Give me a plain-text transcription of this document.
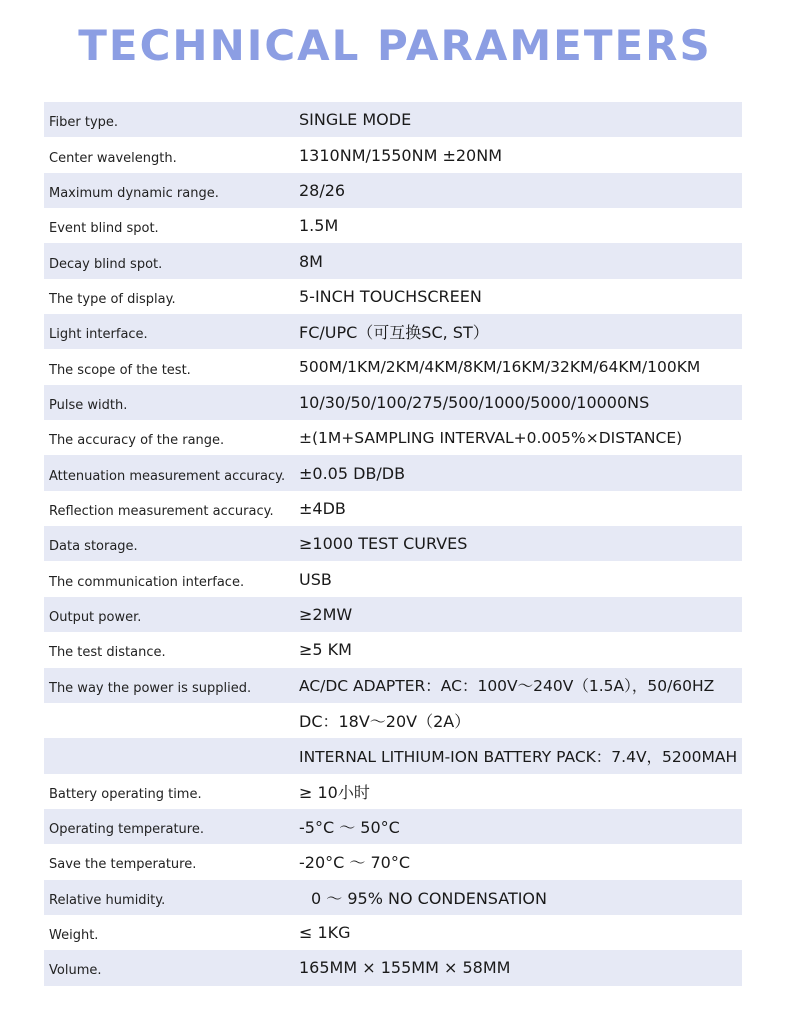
TECHNICAL PARAMETERS
Fiber type.	SINGLE MODE
Center wavelength.	1310NM/1550NM ±20NM
Maximum dynamic range.	28/26
Event blind spot.	1.5M
Decay blind spot.	8M
The type of display.	5-INCH TOUCHSCREEN
Light interface.	FC/UPC（可互换SC, ST）
The scope of the test.	500M/1KM/2KM/4KM/8KM/16KM/32KM/64KM/100KM
Pulse width.	10/30/50/100/275/500/1000/5000/10000NS
The accuracy of the range.	±(1M+SAMPLING INTERVAL+0.005%×DISTANCE)
Attenuation measurement accuracy. ±0.05 DB/DB
Reflection measurement accuracy. ±4DB
Data storage.	≥1000 TEST CURVES
The communication interface.	USB
Output power.	≥2MW
The test distance.	≥5 KM
The way the power is supplied.	AC/DC ADAPTER：AC：100V～240V（1.5A），50/60HZ
DC：18V～20V（2A）
INTERNAL LITHIUM-ION BATTERY PACK：7.4V，5200MAH
Battery operating time.	≥ 10小时
Operating temperature.	-5°C ～ 50°C
Save the temperature.	-20°C ～ 70°C
Relative humidity.	0 ～ 95% NO CONDENSATION
Weight.	≤ 1KG
Volume.	165MM × 155MM × 58MM
